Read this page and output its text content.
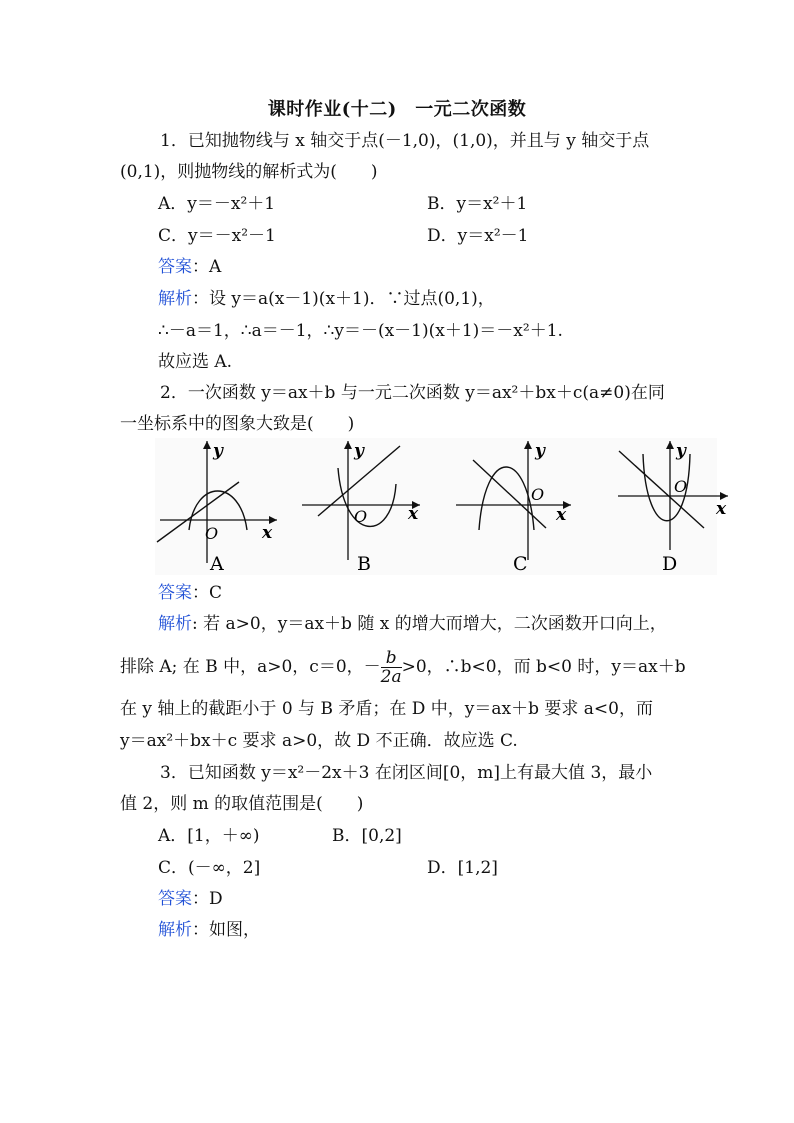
课时作业(十二)　一元二次函数
1．已知抛物线与 x 轴交于点(－1,0)，(1,0)，并且与 y 轴交于点
(0,1)，则抛物线的解析式为(　　)
A．y＝－x²＋1	B．y＝x²＋1
C．y＝－x²－1	D．y＝x²－1
答案：A
解析：设 y＝a(x－1)(x＋1)．∵过点(0,1)，
∴－a＝1，∴a＝－1，∴y＝－(x－1)(x＋1)＝－x²＋1.
故应选 A.
2．一次函数 y＝ax＋b 与一元二次函数 y＝ax²＋bx＋c(a≠0)在同
一坐标系中的图象大致是(　　)
y
x
O
A
y
x
O
B
y
x
O
C
y
x
O
D
答案：C
解析: 若 a>0，y＝ax＋b 随 x 的增大而增大，二次函数开口向上，
排除 A; 在 B 中，a>0，c＝0，－ $\frac{b}{2a} >0$，∴b<0，而 b<0 时，y＝ax＋b
在 y 轴上的截距小于 0 与 B 矛盾；在 D 中，y＝ax＋b 要求 a<0，而
y＝ax²＋bx＋c 要求 a>0，故 D 不正确．故应选 C.
3．已知函数 y＝x²－2x＋3 在闭区间[0，m]上有最大值 3，最小
值 2，则 m 的取值范围是(　　)
A．[1，＋∞)	B．[0,2]
C．(－∞，2]	D．[1,2]
答案：D
解析：如图，
